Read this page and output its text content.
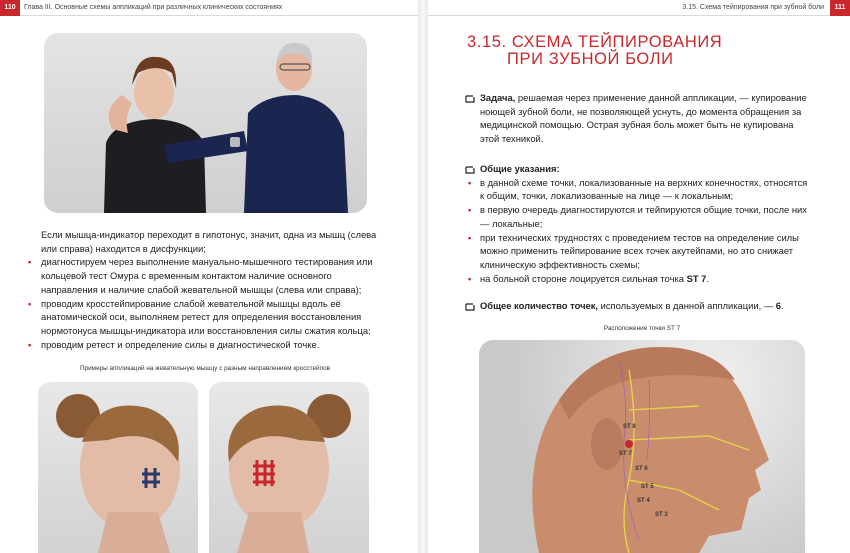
110	Глава III. Основные схемы аппликаций при различных клинических состояниях

Если мышца-индикатор переходит в гипотонус, значит, одна из мышц (слева или справа) находится в дисфункции;

• диагностируем через выполнение мануально-мышечного тестирования или кольцевой тест Омура с временным контактом наличие основного направления и наличие слабой жевательной мышцы (слева или справа);
• проводим кросстейпирование слабой жевательной мышцы вдоль её анатомической оси, выполняем ретест для определения восстановления нормотонуса мышцы-индикатора или восстановления силы сжатия кольца;
• проводим ретест и определение силы в диагностической точке.
Примеры аппликаций на жевательную мышцу с разным направлением кросстейпов
3.15. Схема тейпирования при зубной боли	111
3.15. СХЕМА ТЕЙПИРОВАНИЯ
ПРИ ЗУБНОЙ БОЛИ
Задача, решаемая через применение данной аппликации, — купирование ноющей зубной боли, не позволяющей уснуть, до момента обращения за медицинской помощью. Острая зубная боль может быть не купирована этой техникой.
Общие указания:
• в данной схеме точки, локализованные на верхних конечностях, относятся к общим, точки, локализованные на лице — к локальным;
• в первую очередь диагностируются и тейпируются общие точки, после них — локальные;
• при технических трудностях с проведением тестов на определение силы можно применить тейпирование всех точек акутейпами, но это снижает клиническую эффективность схемы;
• на больной стороне лоцируется сильная точка ST 7.
Общее количество точек, используемых в данной аппликации, — 6.
Расположение точки ST 7
ST 7
ST 6
ST 5
ST 4
ST 3
ST 8
